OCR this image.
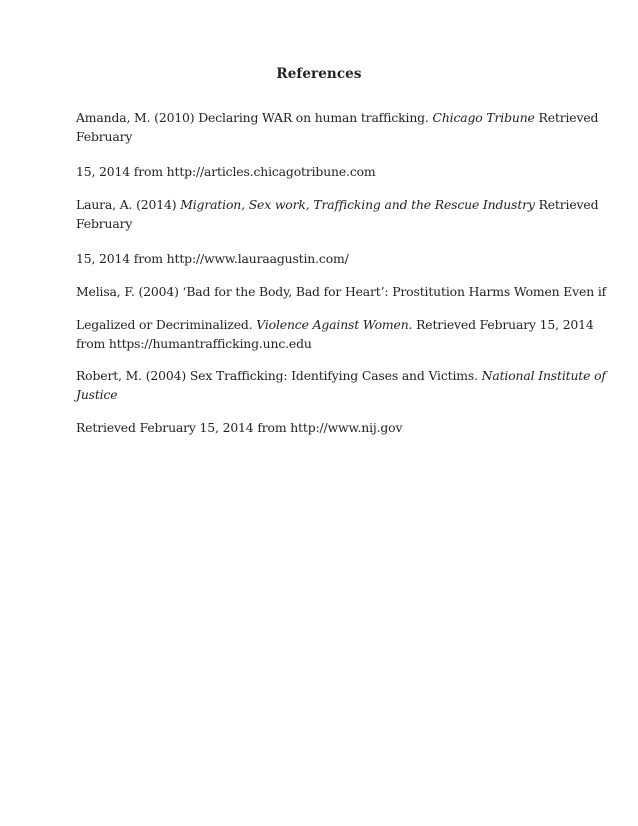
References
Amanda, M. (2010) Declaring WAR on human trafficking. Chicago Tribune Retrieved
February
15, 2014 from http://articles.chicagotribune.com
Laura, A. (2014) Migration, Sex work, Trafficking and the Rescue Industry Retrieved
February
15, 2014 from http://www.lauraagustin.com/
Melisa, F. (2004) ‘Bad for the Body, Bad for Heart’: Prostitution Harms Women Even if
Legalized or Decriminalized. Violence Against Women. Retrieved February 15, 2014
from https://humantrafficking.unc.edu
Robert, M. (2004) Sex Trafficking: Identifying Cases and Victims. National Institute of
Justice
Retrieved February 15, 2014 from http://www.nij.gov
